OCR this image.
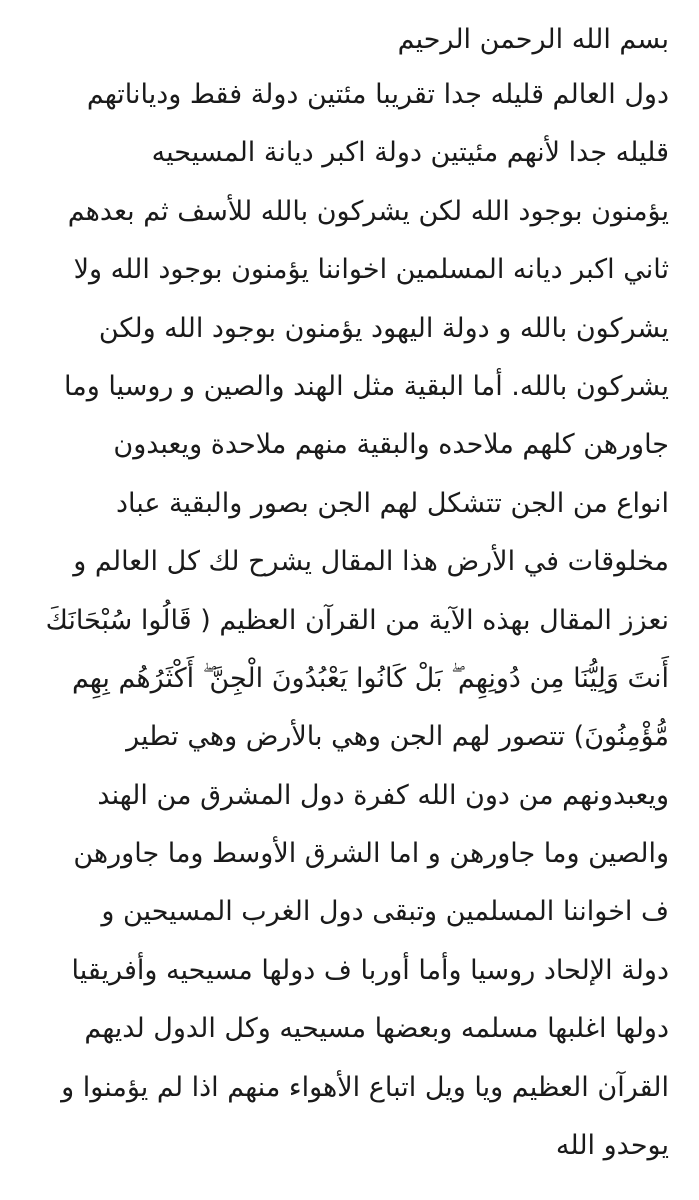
بسم الله الرحمن الرحيم
دول العالم قليله جدا تقريبا مئتين دولة فقط ودياناتهم
قليله جدا لأنهم مئيتين دولة اكبر ديانة المسيحيه
يؤمنون بوجود الله لكن يشركون بالله للأسف ثم بعدهم
ثاني اكبر ديانه المسلمين اخواننا يؤمنون بوجود الله ولا
يشركون بالله و دولة اليهود يؤمنون بوجود الله ولكن
يشركون بالله. أما البقية مثل الهند والصين و روسيا وما
جاورهن كلهم ملاحده والبقية منهم ملاحدة ويعبدون
انواع من الجن تتشكل لهم الجن بصور والبقية عباد
مخلوقات في الأرض هذا المقال يشرح لك كل العالم و
نعزز المقال بهذه الآية من القرآن العظيم ( قَالُوا سُبْحَانَكَ
أَنتَ وَلِيُّنَا مِن دُونِهِم ۖ بَلْ كَانُوا يَعْبُدُونَ الْجِنَّ ۖ أَكْثَرُهُم بِهِم
مُّؤْمِنُونَ) تتصور لهم الجن وهي بالأرض وهي تطير
ويعبدونهم من دون الله كفرة دول المشرق من الهند
والصين وما جاورهن و اما الشرق الأوسط وما جاورهن
ف اخواننا المسلمين وتبقى دول الغرب المسيحين و
دولة الإلحاد روسيا وأما أوربا ف دولها مسيحيه وأفريقيا
دولها اغلبها مسلمه وبعضها مسيحيه وكل الدول لديهم
القرآن العظيم ويا ويل اتباع الأهواء منهم اذا لم يؤمنوا و
يوحدو الله
